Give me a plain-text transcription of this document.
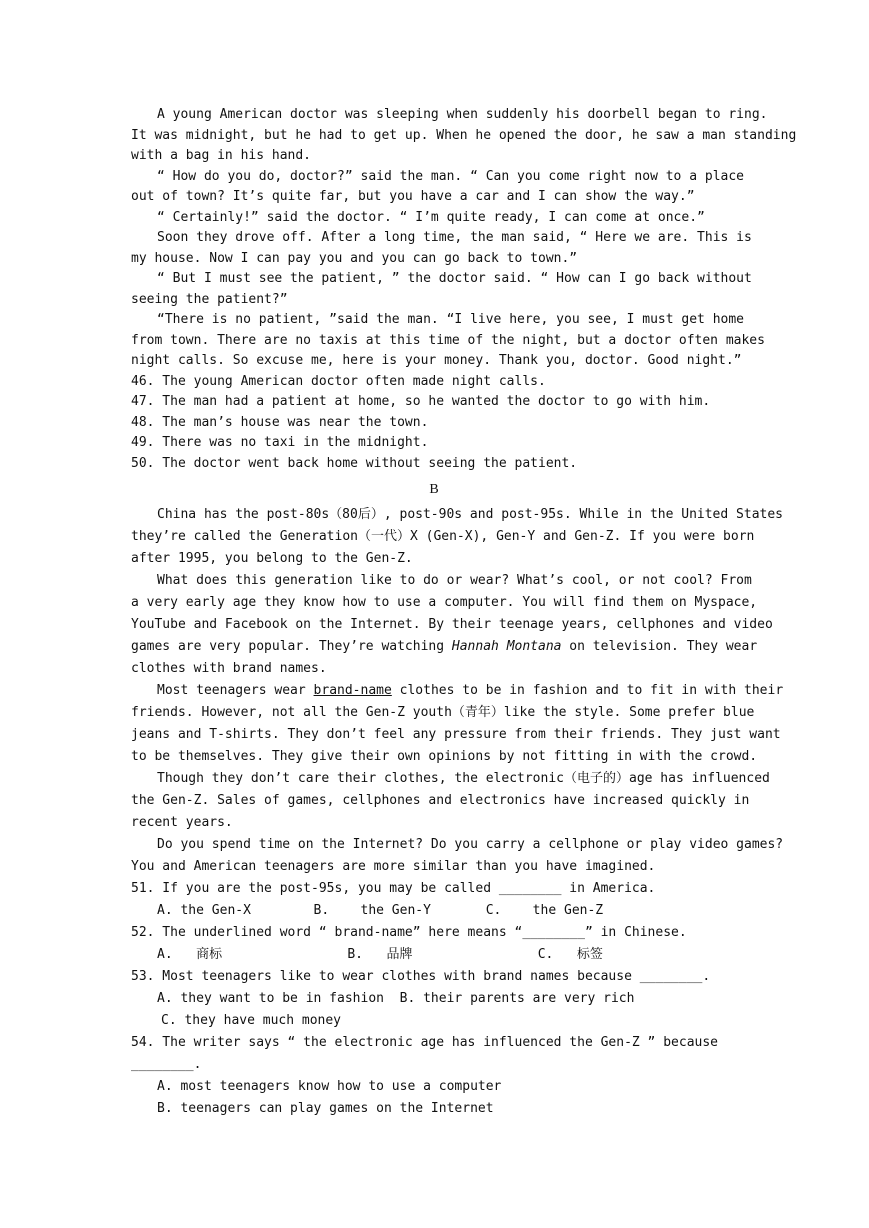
A young American doctor was sleeping when suddenly his doorbell began to ring.
It was midnight, but he had to get up. When he opened the door, he saw a man standing
with a bag in his hand.
“ How do you do, doctor?” said the man. “ Can you come right now to a place
out of town? It’s quite far, but you have a car and I can show the way.”
“ Certainly!” said the doctor. “ I’m quite ready, I can come at once.”
Soon they drove off. After a long time, the man said, “ Here we are. This is
my house. Now I can pay you and you can go back to town.”
“ But I must see the patient, ” the doctor said. “ How can I go back without
seeing the patient?”
“There is no patient, ”said the man. “I live here, you see, I must get home
from town. There are no taxis at this time of the night, but a doctor often makes
night calls. So excuse me, here is your money. Thank you, doctor. Good night.”
46. The young American doctor often made night calls.
47. The man had a patient at home, so he wanted the doctor to go with him.
48. The man’s house was near the town.
49. There was no taxi in the midnight.
50. The doctor went back home without seeing the patient.
B
China has the post-80s（80后）, post-90s and post-95s. While in the United States
they’re called the Generation（一代）X (Gen-X), Gen-Y and Gen-Z. If you were born
after 1995, you belong to the Gen-Z.
What does this generation like to do or wear? What’s cool, or not cool? From
a very early age they know how to use a computer. You will find them on Myspace,
YouTube and Facebook on the Internet. By their teenage years, cellphones and video
games are very popular. They’re watching Hannah Montana on television. They wear
clothes with brand names.
Most teenagers wear brand-name clothes to be in fashion and to fit in with their
friends. However, not all the Gen-Z youth（青年）like the style. Some prefer blue
jeans and T-shirts. They don’t feel any pressure from their friends. They just want
to be themselves. They give their own opinions by not fitting in with the crowd.
Though they don’t care their clothes, the electronic（电子的）age has influenced
the Gen-Z. Sales of games, cellphones and electronics have increased quickly in
recent years.
Do you spend time on the Internet? Do you carry a cellphone or play video games?
You and American teenagers are more similar than you have imagined.
51. If you are the post-95s, you may be called ________ in America.
A. the Gen-X        B.    the Gen-Y       C.    the Gen-Z
52. The underlined word “ brand-name” here means “________” in Chinese.
A.   商标                B.   品牌                C.   标签
53. Most teenagers like to wear clothes with brand names because ________.
A. they want to be in fashion  B. their parents are very rich
C. they have much money
54. The writer says “ the electronic age has influenced the Gen-Z ” because
________.
A. most teenagers know how to use a computer
B. teenagers can play games on the Internet
